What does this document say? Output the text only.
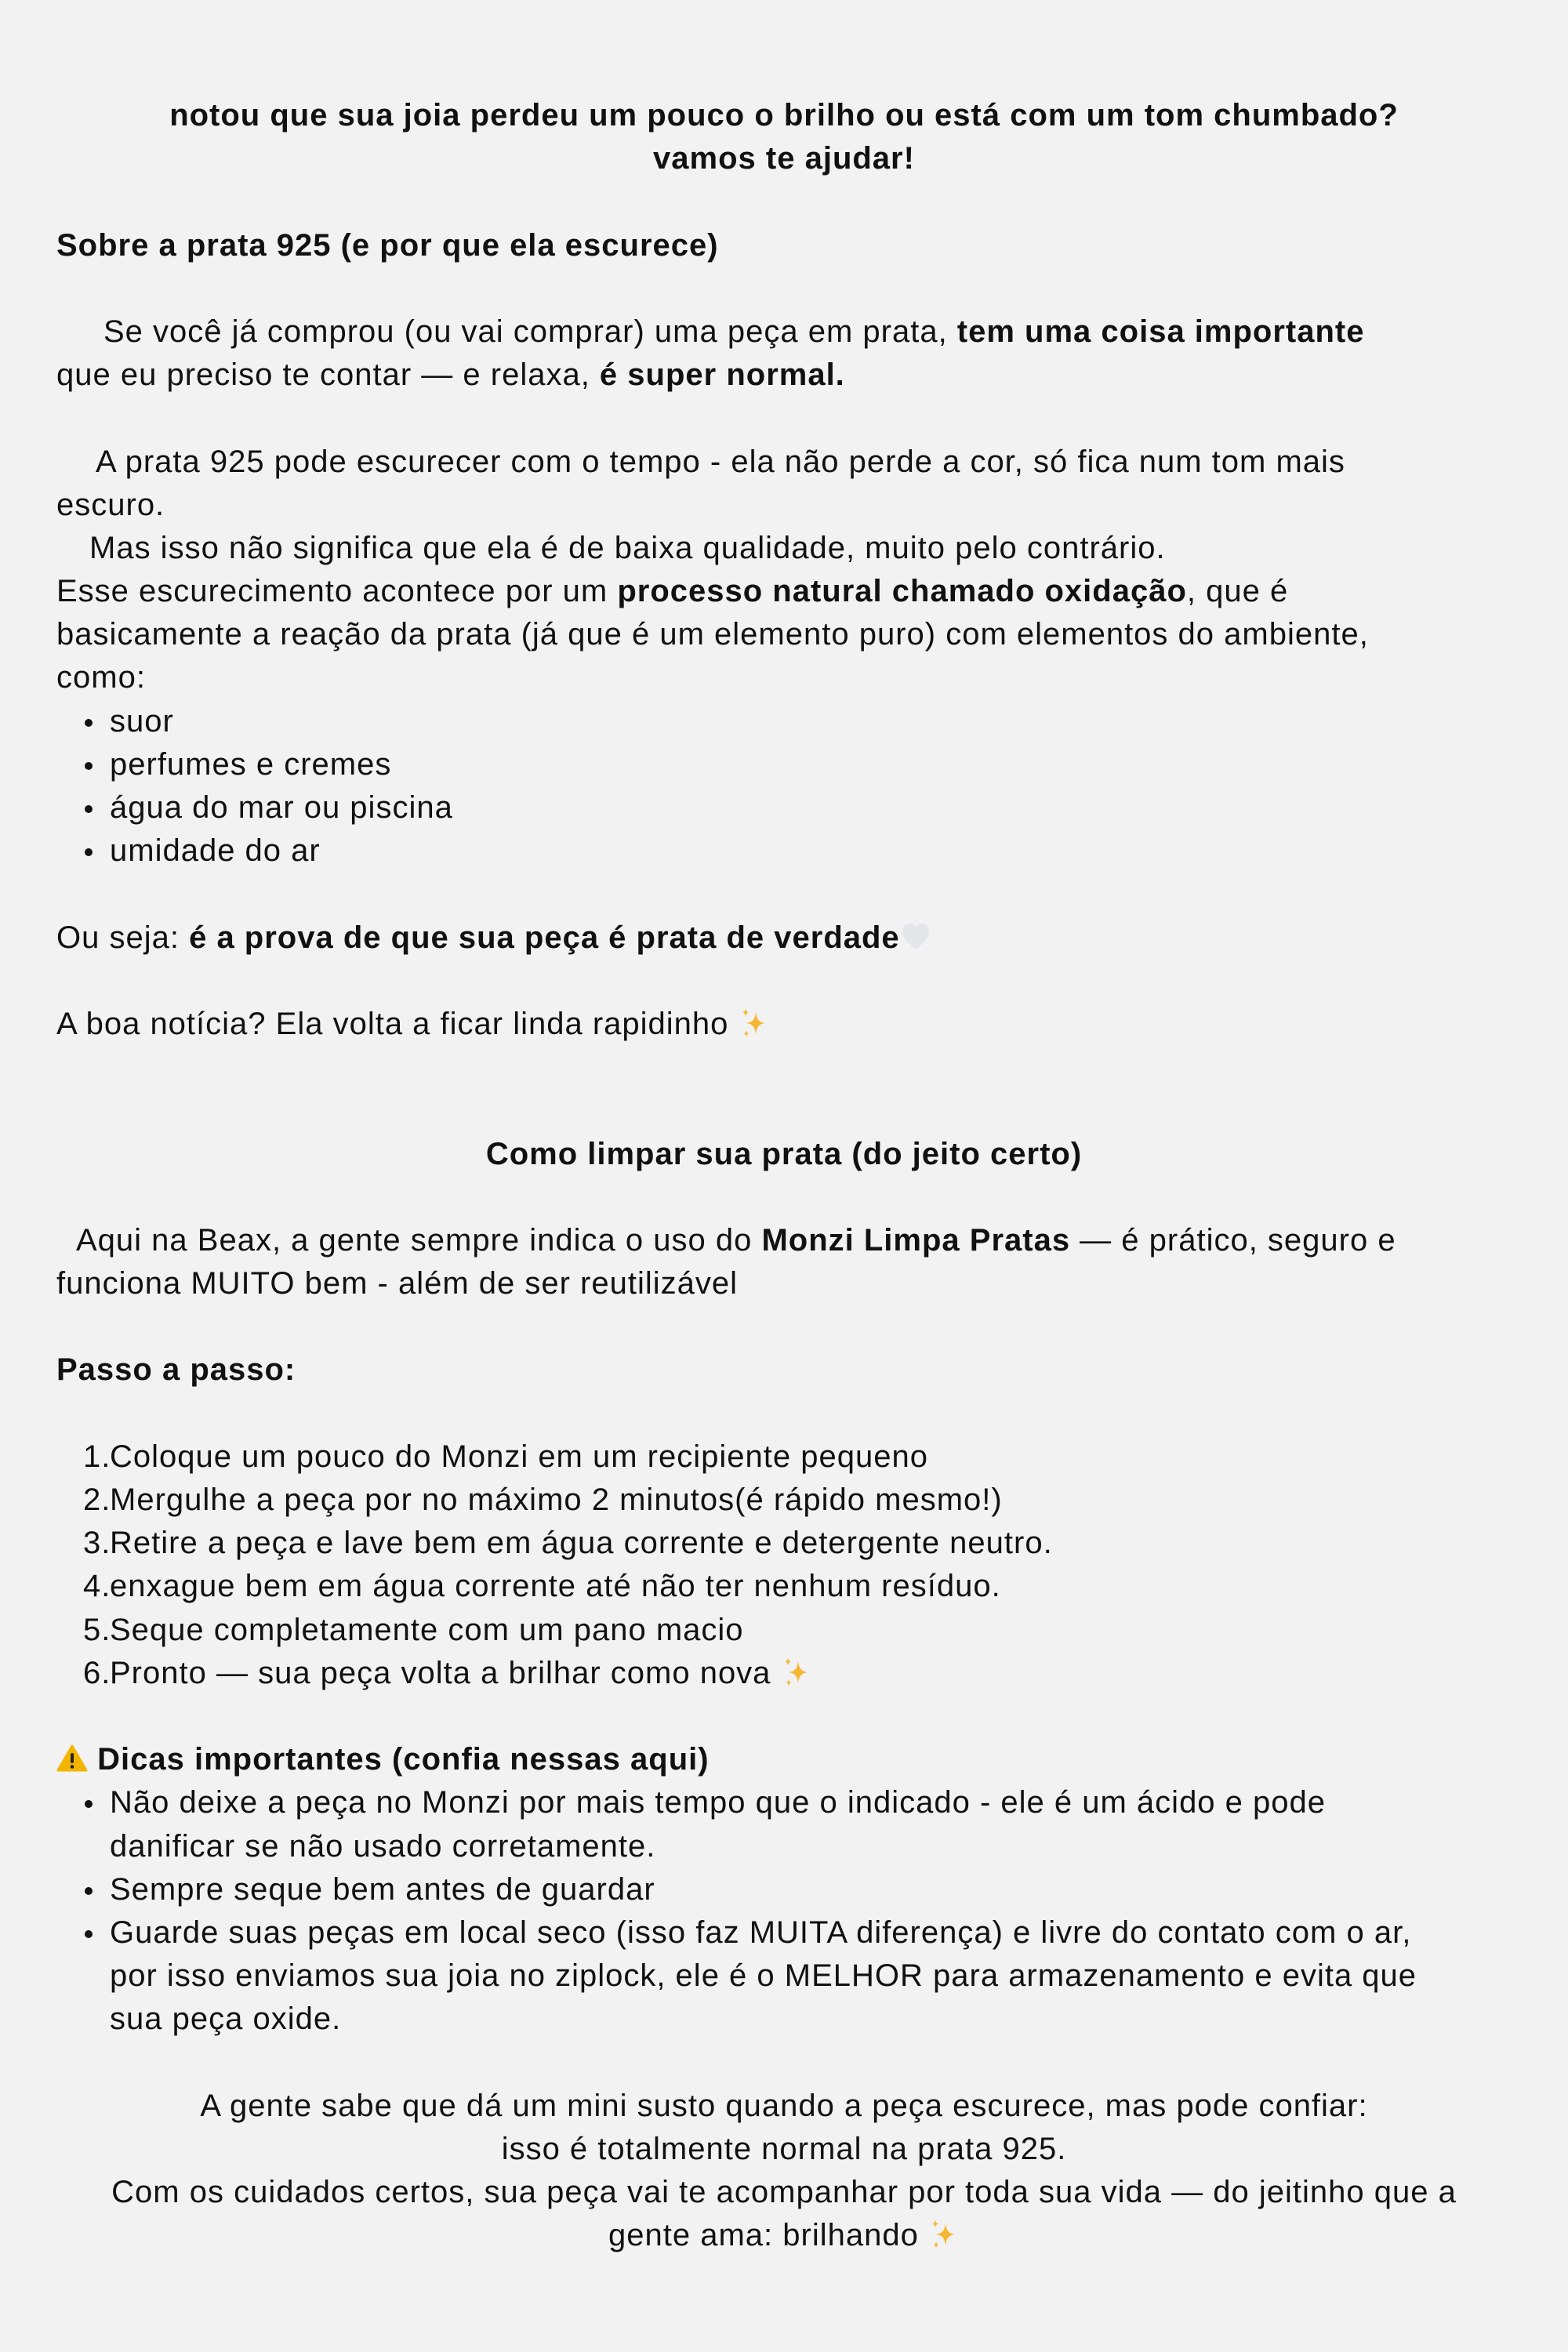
notou que sua joia perdeu um pouco o brilho ou está com um tom chumbado?
vamos te ajudar!
Sobre a prata 925 (e por que ela escurece)
Se você já comprou (ou vai comprar) uma peça em prata, tem uma coisa importante
que eu preciso te contar — e relaxa, é super normal.
A prata 925 pode escurecer com o tempo - ela não perde a cor, só fica num tom mais
escuro.
Mas isso não significa que ela é de baixa qualidade, muito pelo contrário.
Esse escurecimento acontece por um processo natural chamado oxidação, que é
basicamente a reação da prata (já que é um elemento puro) com elementos do ambiente,
como:
suor
perfumes e cremes
água do mar ou piscina
umidade do ar
Ou seja: é a prova de que sua peça é prata de verdade
A boa notícia? Ela volta a ficar linda rapidinho
Como limpar sua prata (do jeito certo)
Aqui na Beax, a gente sempre indica o uso do Monzi Limpa Pratas — é prático, seguro e
funciona MUITO bem - além de ser reutilizável
Passo a passo:
1.
Coloque um pouco do Monzi em um recipiente pequeno
2.
Mergulhe a peça por no máximo 2 minutos(é rápido mesmo!)
3.
Retire a peça e lave bem em água corrente e detergente neutro.
4.
enxague bem em água corrente até não ter nenhum resíduo.
5.
Seque completamente com um pano macio
6.
Pronto — sua peça volta a brilhar como nova
Dicas importantes (confia nessas aqui)
Não deixe a peça no Monzi por mais tempo que o indicado - ele é um ácido e pode
danificar se não usado corretamente.
Sempre seque bem antes de guardar
Guarde suas peças em local seco (isso faz MUITA diferença) e livre do contato com o ar,
por isso enviamos sua joia no ziplock, ele é o MELHOR para armazenamento e evita que
sua peça oxide.
A gente sabe que dá um mini susto quando a peça escurece, mas pode confiar:
isso é totalmente normal na prata 925.
Com os cuidados certos, sua peça vai te acompanhar por toda sua vida — do jeitinho que a
gente ama: brilhando
